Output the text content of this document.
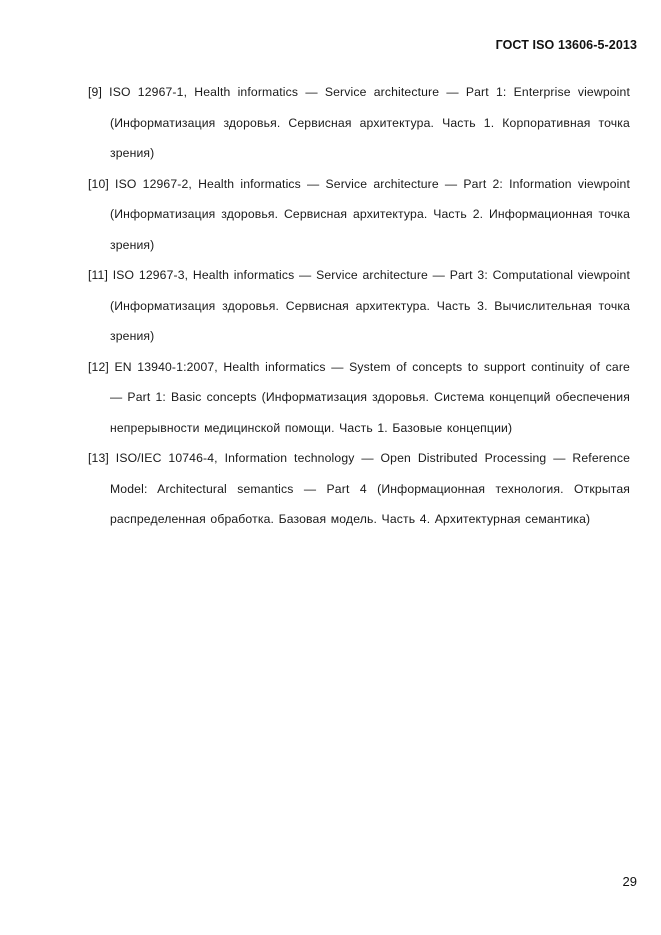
ГОСТ ISO 13606-5-2013
[9] ISO 12967-1, Health informatics — Service architecture — Part 1: Enterprise viewpoint (Информатизация здоровья. Сервисная архитектура. Часть 1. Корпоративная точка зрения)
[10] ISO 12967-2, Health informatics — Service architecture — Part 2: Information viewpoint (Информатизация здоровья. Сервисная архитектура. Часть 2. Информационная точка зрения)
[11] ISO 12967-3, Health informatics — Service architecture — Part 3: Computational viewpoint (Информатизация здоровья. Сервисная архитектура. Часть 3. Вычислительная точка зрения)
[12] EN 13940-1:2007, Health informatics — System of concepts to support continuity of care — Part 1: Basic concepts (Информатизация здоровья. Система концепций обеспечения непрерывности медицинской помощи. Часть 1. Базовые концепции)
[13] ISO/IEC 10746-4, Information technology — Open Distributed Processing — Reference Model: Architectural semantics — Part 4 (Информационная технология. Открытая распределенная обработка. Базовая модель. Часть 4. Архитектурная семантика)
29
